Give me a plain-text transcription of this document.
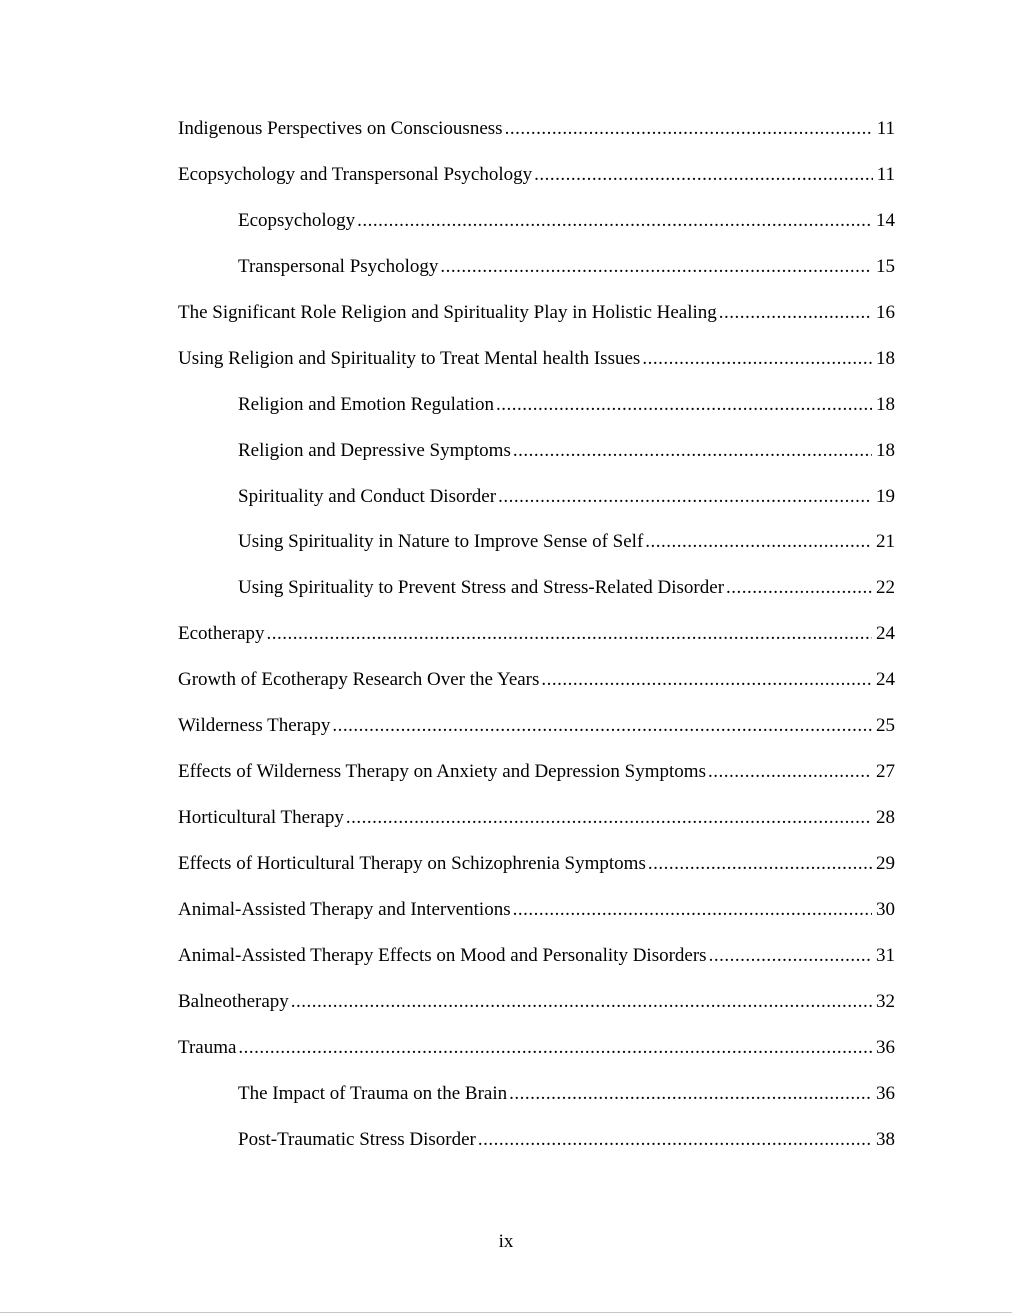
Indigenous Perspectives on Consciousness .....	11
Ecopsychology and Transpersonal Psychology .....	11
Ecopsychology .....	14
Transpersonal Psychology .....	15
The Significant Role Religion and Spirituality Play in Holistic Healing .....	16
Using Religion and Spirituality to Treat Mental health Issues .....	18
Religion and Emotion Regulation .....	18
Religion and Depressive Symptoms .....	18
Spirituality and Conduct Disorder .....	19
Using Spirituality in Nature to Improve Sense of Self .....	21
Using Spirituality to Prevent Stress and Stress-Related Disorder .....	22
Ecotherapy .....	24
Growth of Ecotherapy Research Over the Years .....	24
Wilderness Therapy .....	25
Effects of Wilderness Therapy on Anxiety and Depression Symptoms .....	27
Horticultural Therapy .....	28
Effects of Horticultural Therapy on Schizophrenia Symptoms .....	29
Animal-Assisted Therapy and Interventions .....	30
Animal-Assisted Therapy Effects on Mood and Personality Disorders .....	31
Balneotherapy .....	32
Trauma .....	36
The Impact of Trauma on the Brain .....	36
Post-Traumatic Stress Disorder .....	38
ix
